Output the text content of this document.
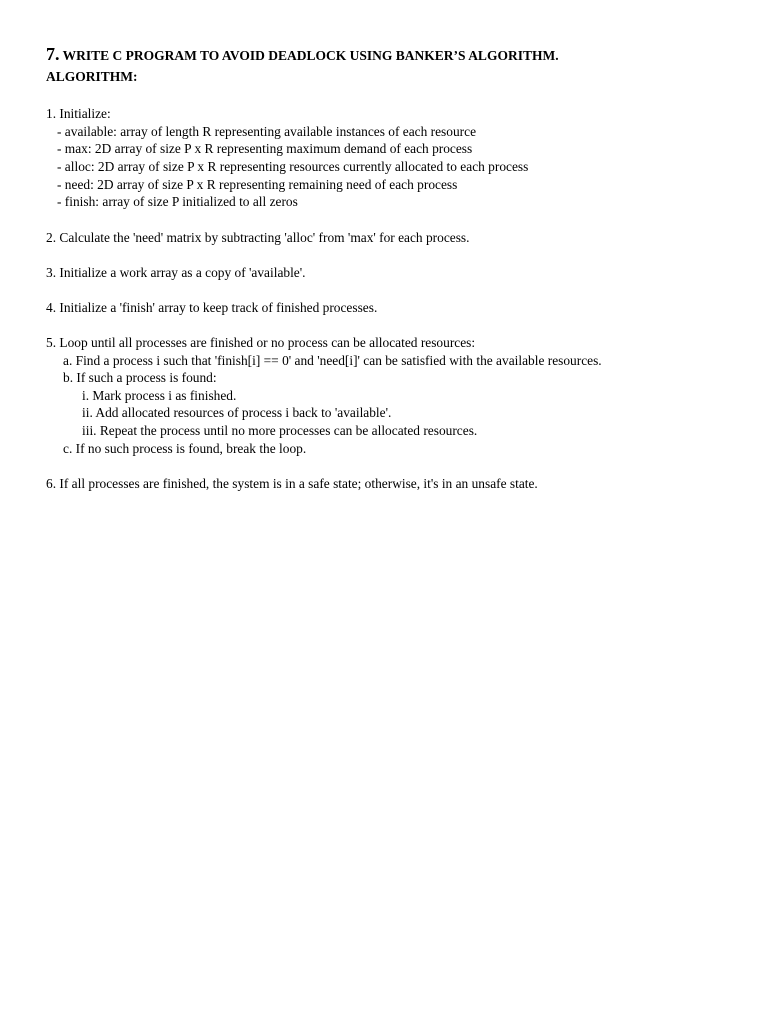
7. WRITE C PROGRAM TO AVOID DEADLOCK USING BANKER’S ALGORITHM.
ALGORITHM:
1. Initialize:
- available: array of length R representing available instances of each resource
- max: 2D array of size P x R representing maximum demand of each process
- alloc: 2D array of size P x R representing resources currently allocated to each process
- need: 2D array of size P x R representing remaining need of each process
- finish: array of size P initialized to all zeros
2. Calculate the 'need' matrix by subtracting 'alloc' from 'max' for each process.
3. Initialize a work array as a copy of 'available'.
4. Initialize a 'finish' array to keep track of finished processes.
5. Loop until all processes are finished or no process can be allocated resources:
a. Find a process i such that 'finish[i] == 0' and 'need[i]' can be satisfied with the available resources.
b. If such a process is found:
i. Mark process i as finished.
ii. Add allocated resources of process i back to 'available'.
iii. Repeat the process until no more processes can be allocated resources.
c. If no such process is found, break the loop.
6. If all processes are finished, the system is in a safe state; otherwise, it's in an unsafe state.
